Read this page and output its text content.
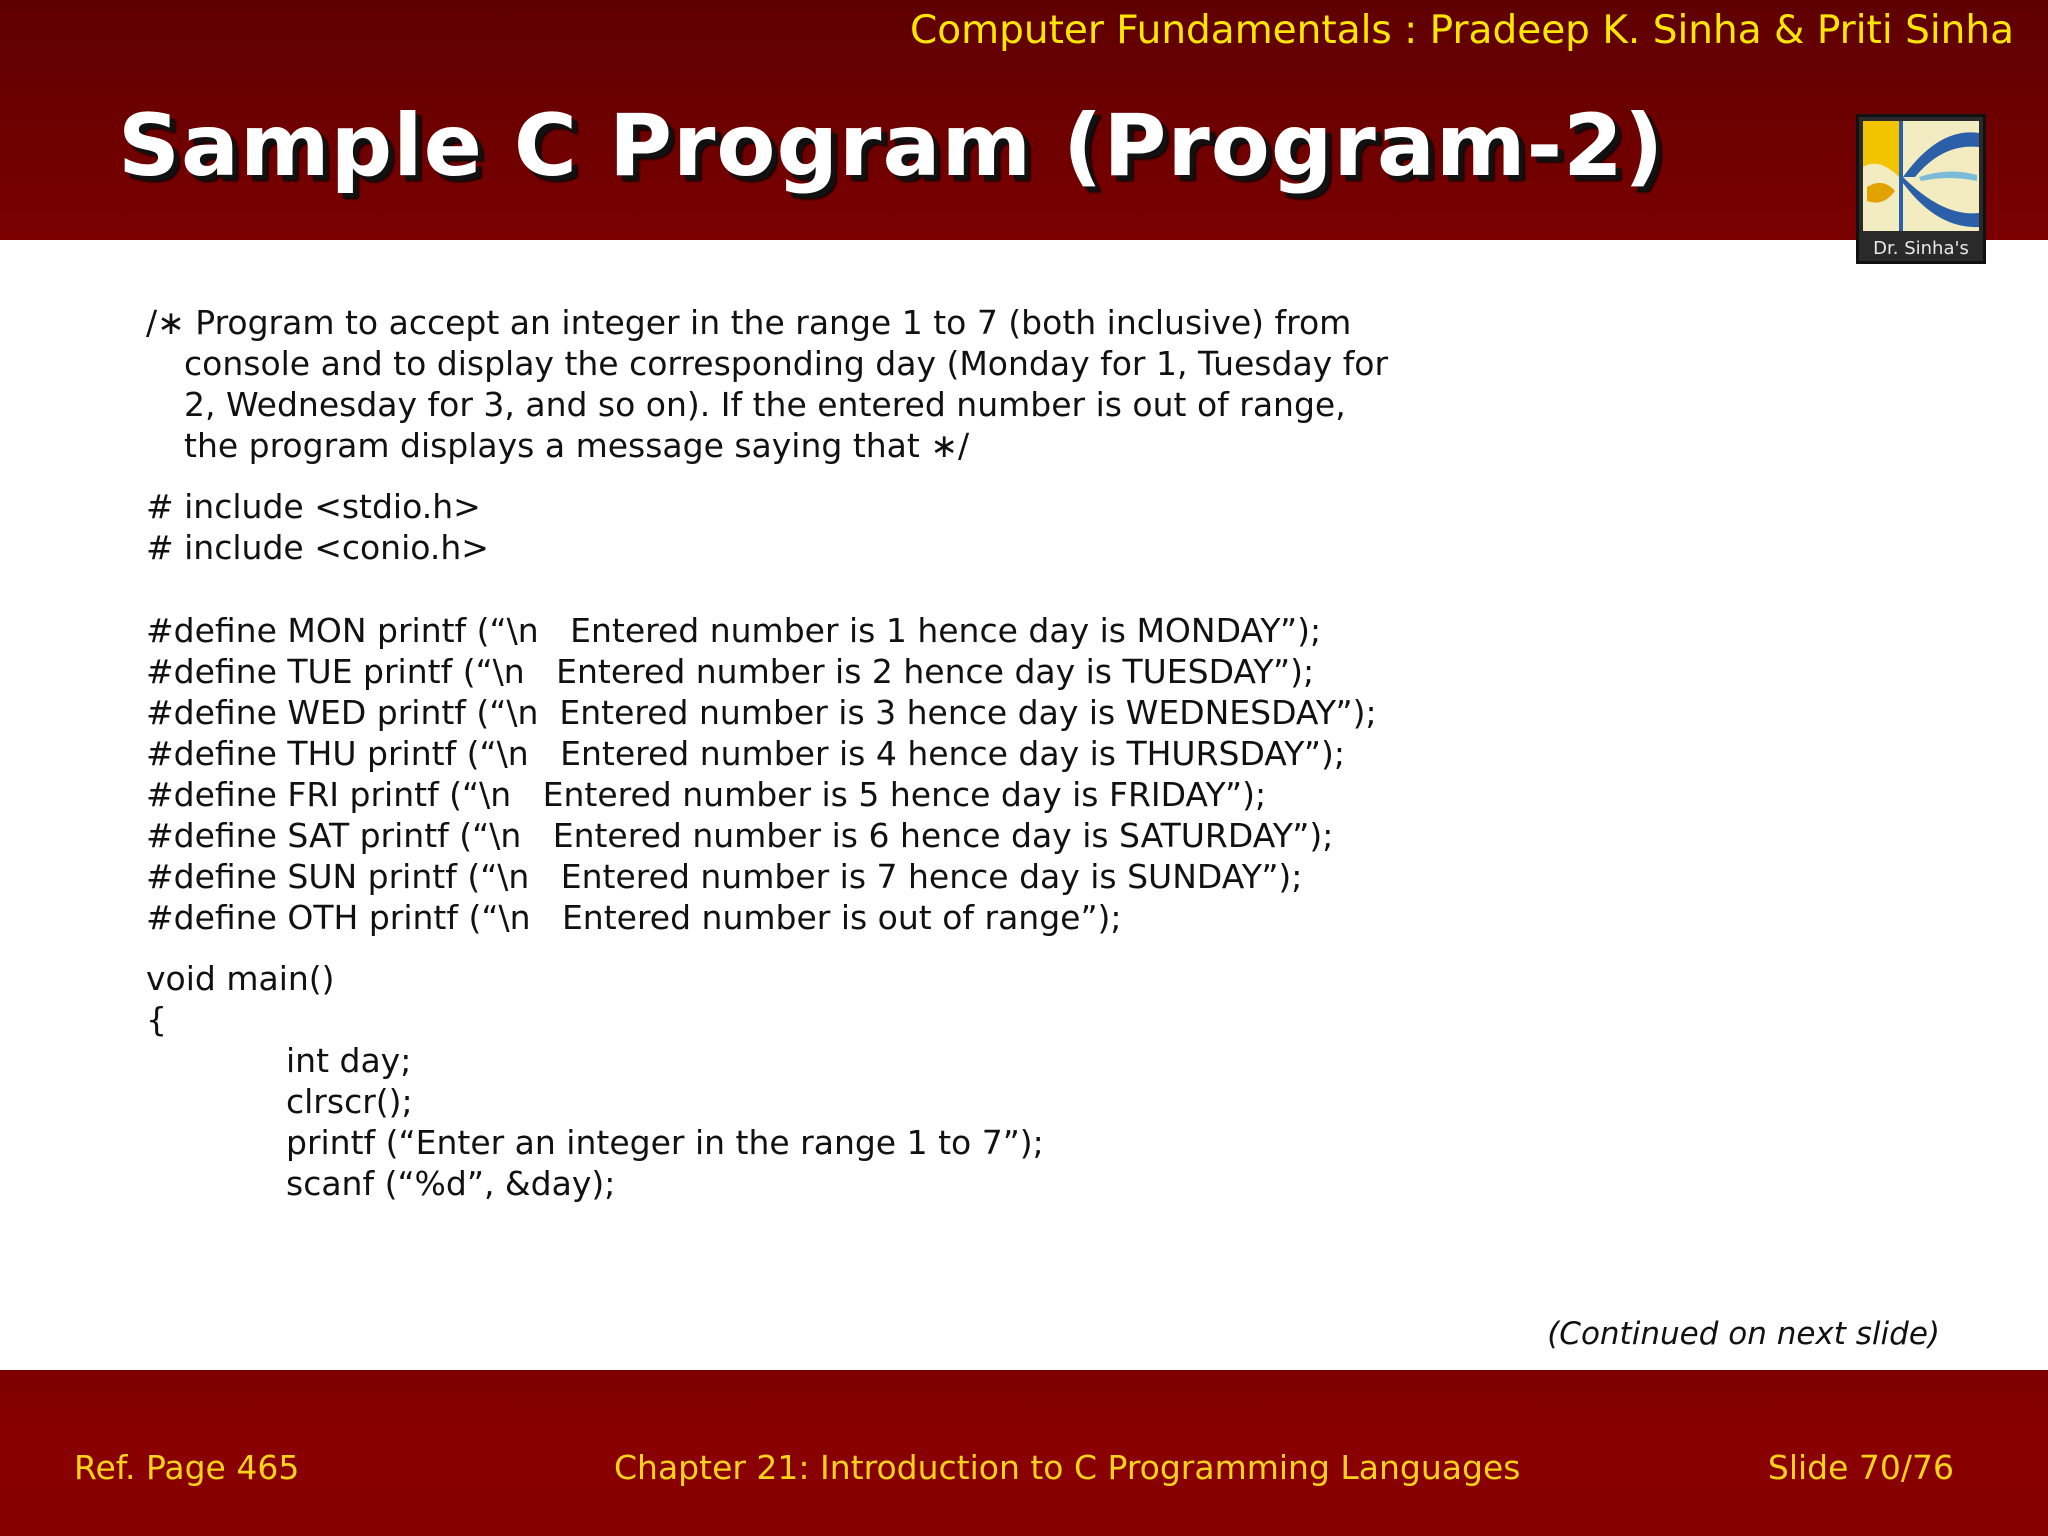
Computer Fundamentals : Pradeep K. Sinha & Priti Sinha
Sample C Program (Program-2)
Dr. Sinha's
/∗ Program to accept an integer in the range 1 to 7 (both inclusive) from
console and to display the corresponding day (Monday for 1, Tuesday for
2, Wednesday for 3, and so on). If the entered number is out of range,
the program displays a message saying that ∗/
# include <stdio.h>
# include <conio.h>
#define MON printf (“\n   Entered number is 1 hence day is MONDAY”);
#define TUE printf (“\n   Entered number is 2 hence day is TUESDAY”);
#define WED printf (“\n  Entered number is 3 hence day is WEDNESDAY”);
#define THU printf (“\n   Entered number is 4 hence day is THURSDAY”);
#define FRI printf (“\n   Entered number is 5 hence day is FRIDAY”);
#define SAT printf (“\n   Entered number is 6 hence day is SATURDAY”);
#define SUN printf (“\n   Entered number is 7 hence day is SUNDAY”);
#define OTH printf (“\n   Entered number is out of range”);
void main()
{
int day;
clrscr();
printf (“Enter an integer in the range 1 to 7”);
scanf (“%d”, &day);
(Continued on next slide)
Ref. Page 465	Chapter 21: Introduction to C Programming Languages	Slide 70/76
